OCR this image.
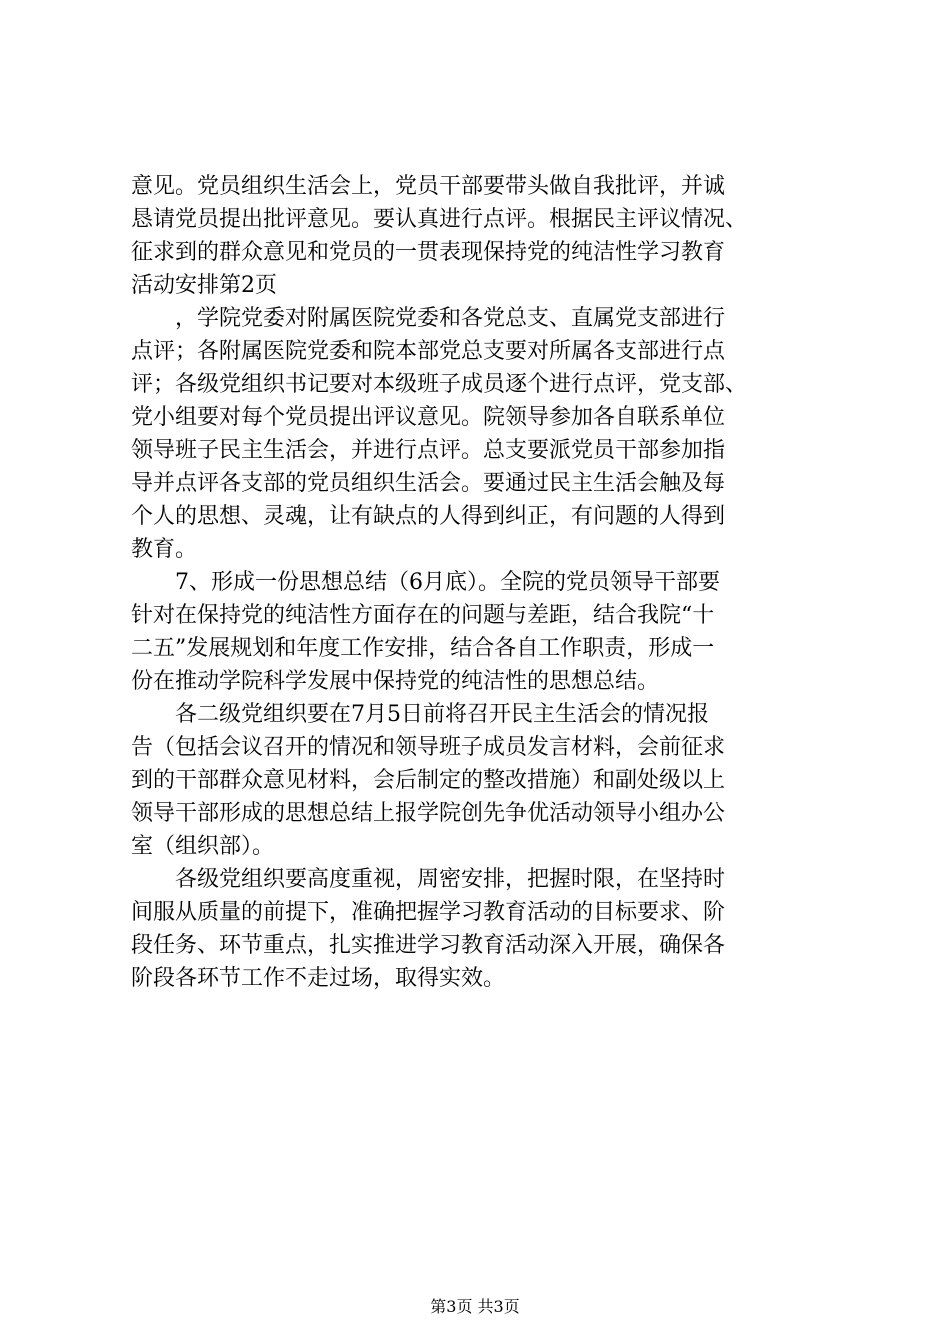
意见。党员组织生活会上，党员干部要带头做自我批评，并诚
恳请党员提出批评意见。要认真进行点评。根据民主评议情况、
征求到的群众意见和党员的一贯表现保持党的纯洁性学习教育
活动安排第2页
　　，学院党委对附属医院党委和各党总支、直属党支部进行
点评；各附属医院党委和院本部党总支要对所属各支部进行点
评；各级党组织书记要对本级班子成员逐个进行点评，党支部、
党小组要对每个党员提出评议意见。院领导参加各自联系单位
领导班子民主生活会，并进行点评。总支要派党员干部参加指
导并点评各支部的党员组织生活会。要通过民主生活会触及每
个人的思想、灵魂，让有缺点的人得到纠正，有问题的人得到
教育。
　　7、形成一份思想总结（6月底）。全院的党员领导干部要
针对在保持党的纯洁性方面存在的问题与差距，结合我院“十
二五”发展规划和年度工作安排，结合各自工作职责，形成一
份在推动学院科学发展中保持党的纯洁性的思想总结。
　　各二级党组织要在7月5日前将召开民主生活会的情况报
告（包括会议召开的情况和领导班子成员发言材料，会前征求
到的干部群众意见材料，会后制定的整改措施）和副处级以上
领导干部形成的思想总结上报学院创先争优活动领导小组办公
室（组织部）。
　　各级党组织要高度重视，周密安排，把握时限，在坚持时
间服从质量的前提下，准确把握学习教育活动的目标要求、阶
段任务、环节重点，扎实推进学习教育活动深入开展，确保各
阶段各环节工作不走过场，取得实效。
第3页 共3页
